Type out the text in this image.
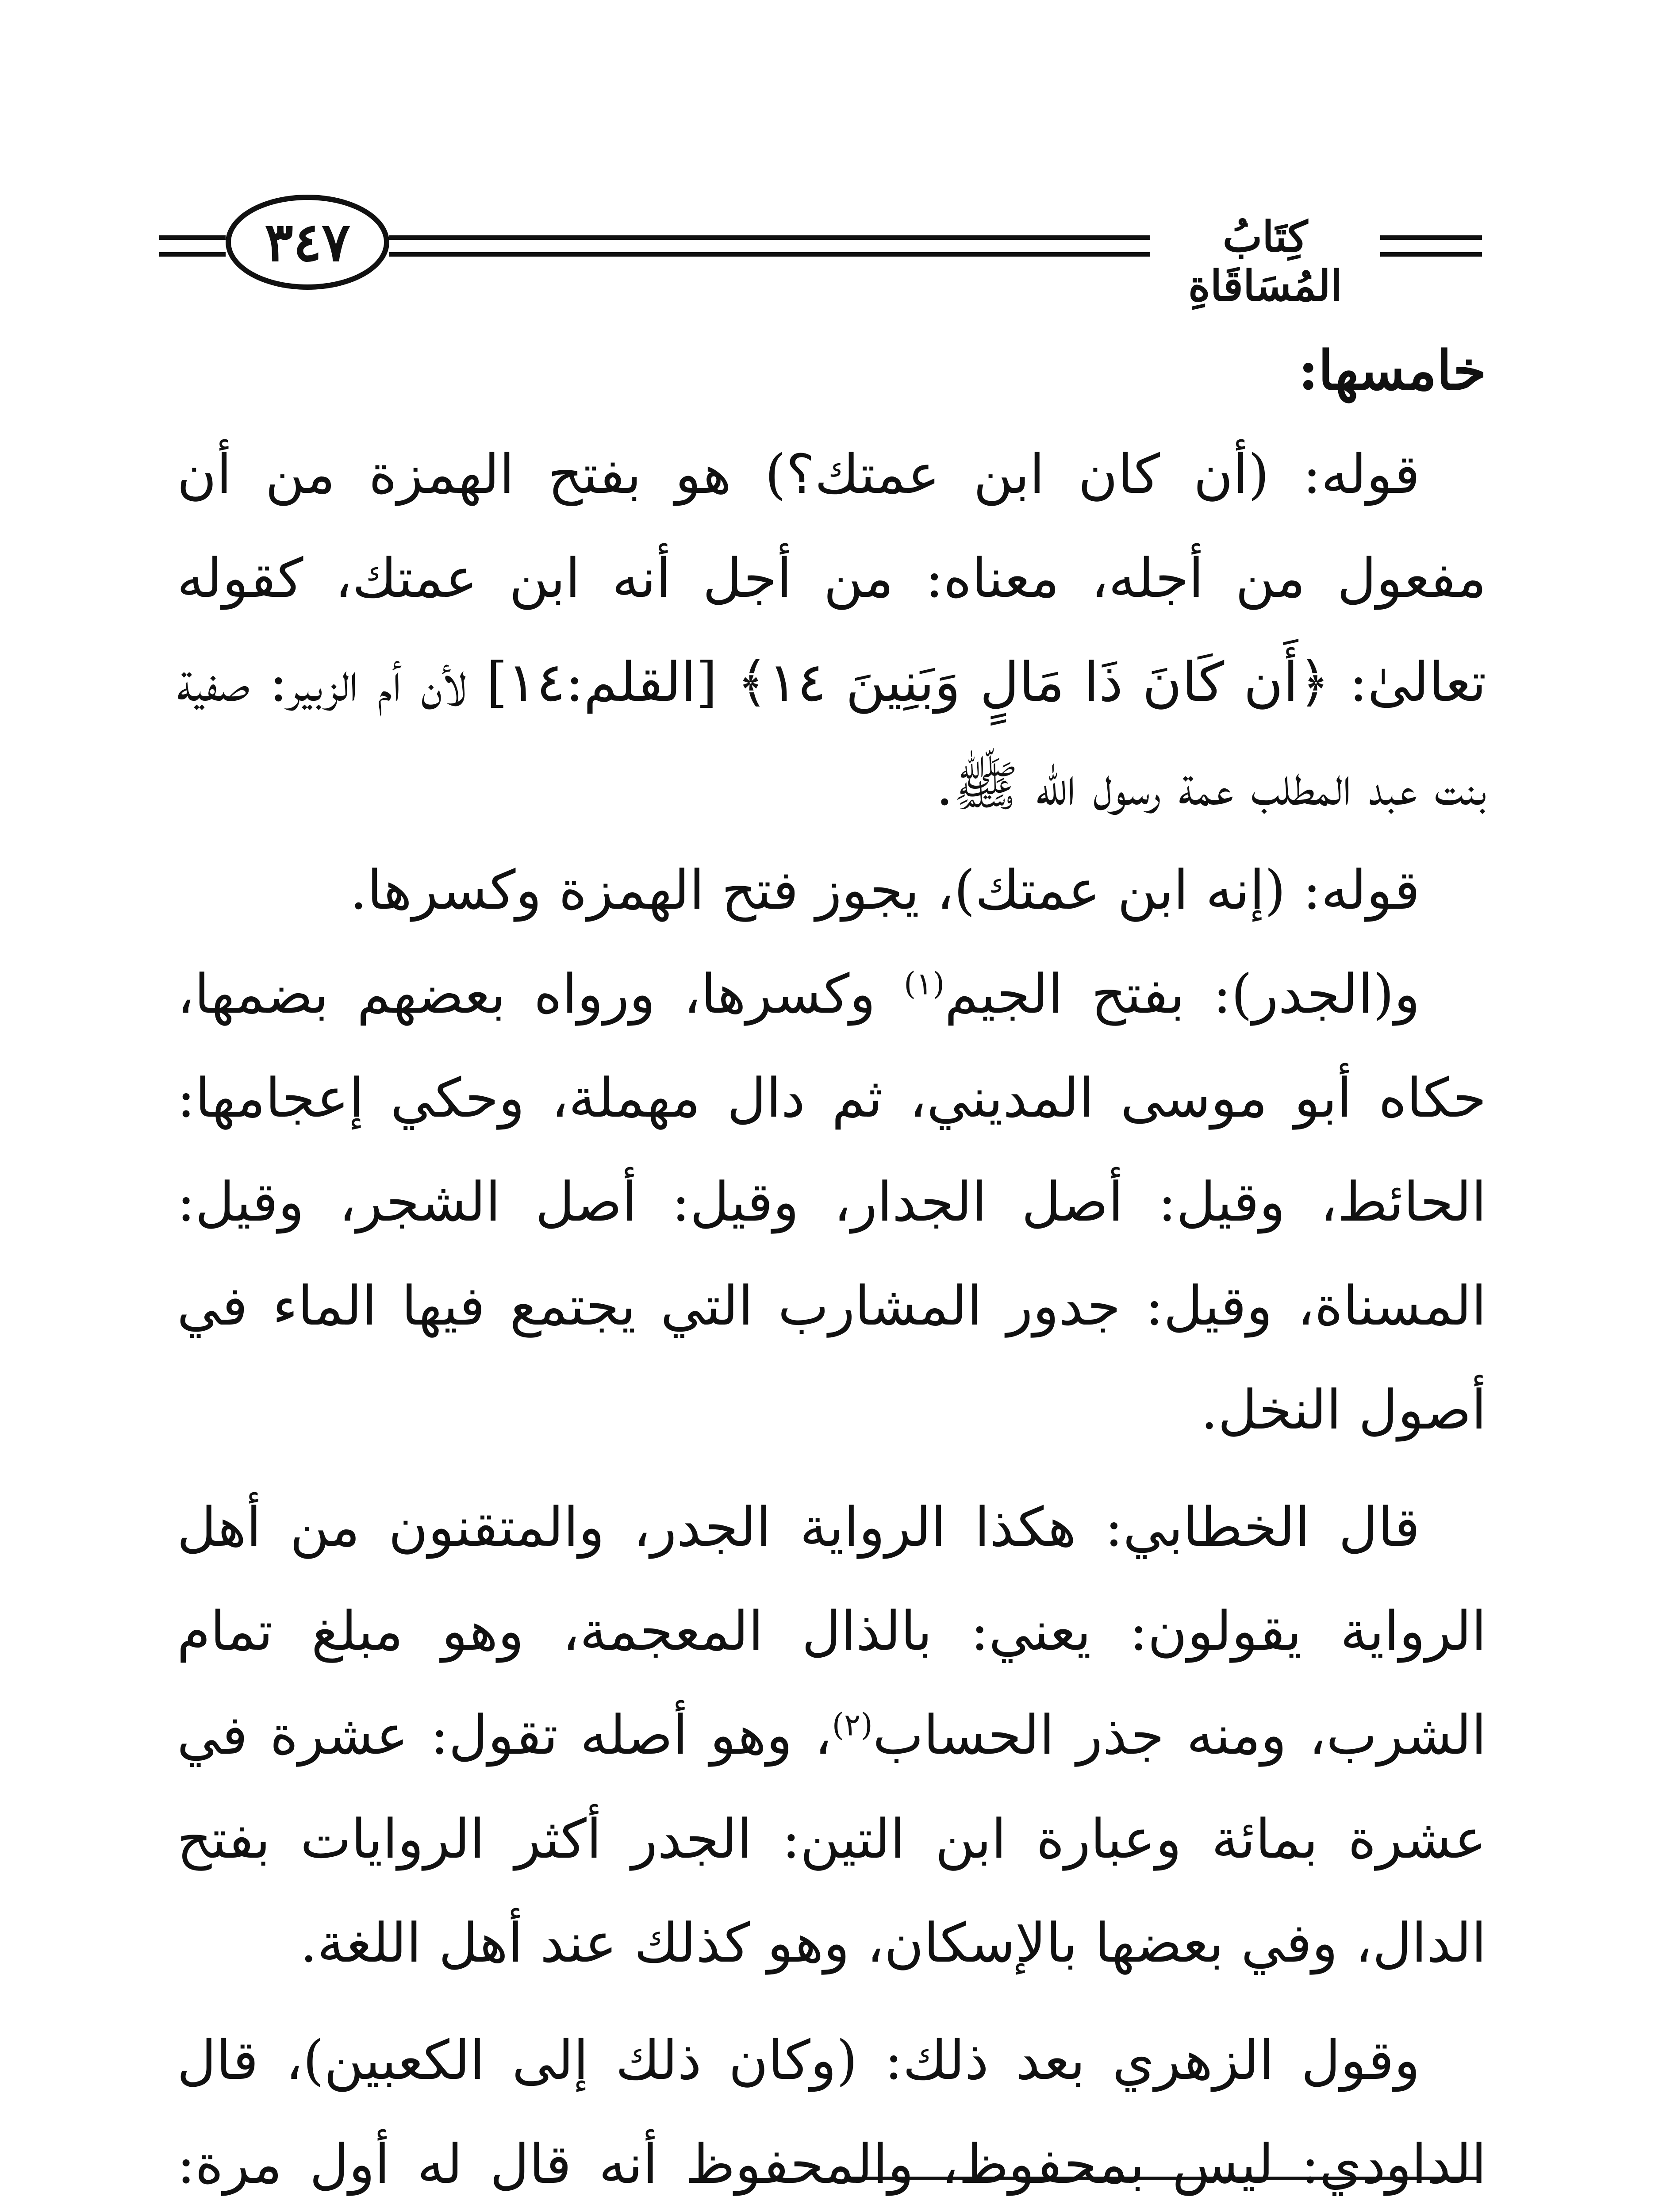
٣٤٧	كِتَابُ المُسَاقَاةِ

خامسها:

قوله: (أن كان ابن عمتك؟) هو بفتح الهمزة من أن مفعول من أجله، معناه: من أجل أنه ابن عمتك، كقوله تعالىٰ: ﴿أَن كَانَ ذَا مَالٍ وَبَنِينَ ١٤﴾ [القلم:١٤] لأن أم الزبير: صفية بنت عبد المطلب عمة رسول الله ﷺ.

قوله: (إنه ابن عمتك)، يجوز فتح الهمزة وكسرها.

و(الجدر): بفتح الجيم$^{(١)}$ وكسرها، ورواه بعضهم بضمها، حكاه أبو موسى المديني، ثم دال مهملة، وحكي إعجامها: الحائط، وقيل: أصل الجدار، وقيل: أصل الشجر، وقيل: المسناة، وقيل: جدور المشارب التي يجتمع فيها الماء في أصول النخل.

قال الخطابي: هكذا الرواية الجدر، والمتقنون من أهل الرواية يقولون: يعني: بالذال المعجمة، وهو مبلغ تمام الشرب، ومنه جذر الحساب$^{(٢)}$، وهو أصله تقول: عشرة في عشرة بمائة وعبارة ابن التين: الجدر أكثر الروايات بفتح الدال، وفي بعضها بالإسكان، وهو كذلك عند أهل اللغة.

وقول الزهري بعد ذلك: (وكان ذلك إلى الكعبين)، قال الداودي: ليس بمحفوظ، والمحفوظ أنه قال له أول مرة:
